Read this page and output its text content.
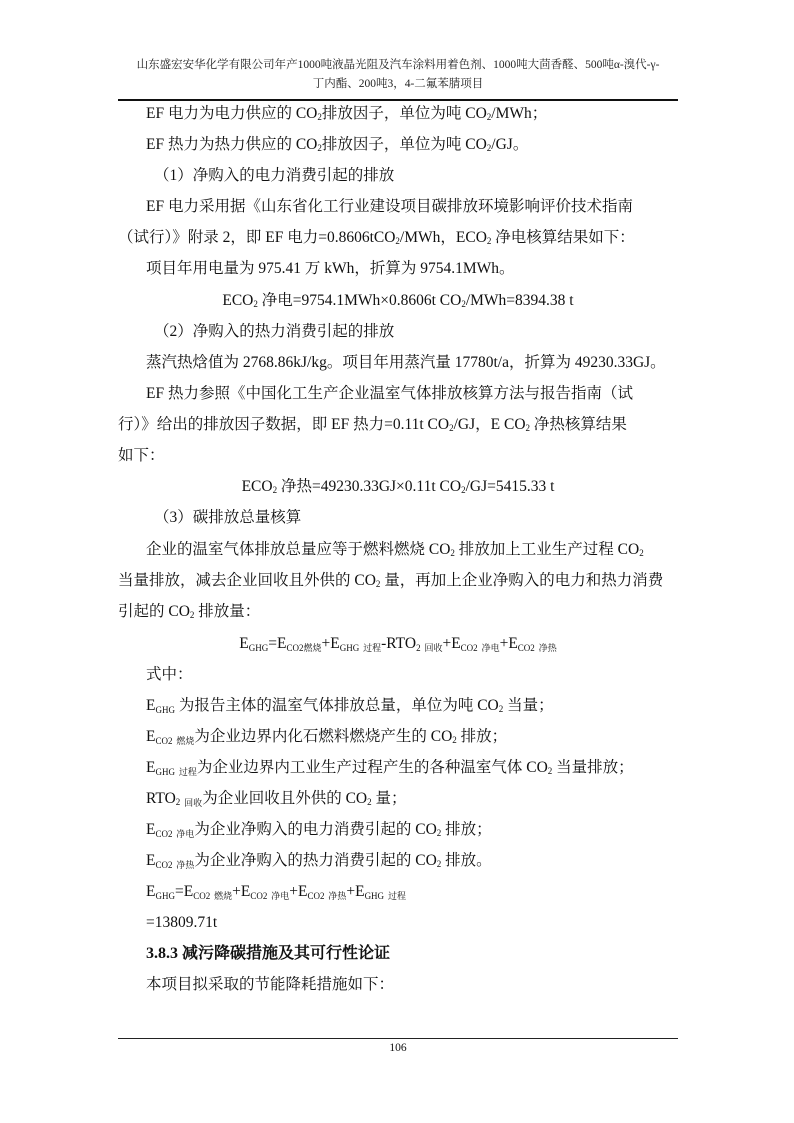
山东盛宏安华化学有限公司年产1000吨液晶光阻及汽车涂料用着色剂、1000吨大茴香醛、500吨α-溴代-γ-
丁内酯、200吨3，4-二氟苯腈项目
EF 电力为电力供应的 $CO_2$排放因子，单位为吨 $CO_2$/MWh；
EF 热力为热力供应的 $CO_2$排放因子，单位为吨 $CO_2/GJ$。
（1）净购入的电力消费引起的排放
EF 电力采用据《山东省化工行业建设项目碳排放环境影响评价技术指南
（试行）》附录 2，即 EF 电力=0.8606tCO$_2$/MWh，$ECO_2$ 净电核算结果如下：
项目年用电量为 975.41 万 kWh，折算为 9754.1MWh。
$ECO_2$ 净电=9754.1MWh×0.8606t $CO_2/MWh=8394.38$ t
（2）净购入的热力消费引起的排放
蒸汽热焓值为 2768.86kJ/kg。项目年用蒸汽量 17780t/a，折算为 49230.33GJ。
EF 热力参照《中国化工生产企业温室气体排放核算方法与报告指南（试
行）》给出的排放因子数据，即 EF 热力=0.11t $CO_2/GJ$，E $CO_2$ 净热核算结果
如下：
$ECO_2$ 净热=49230.33GJ×0.11t $CO_2/GJ=5415.33$ t
（3）碳排放总量核算
企业的温室气体排放总量应等于燃料燃烧 $CO_2$ 排放加上工业生产过程 $CO_2$
当量排放，减去企业回收且外供的 $CO_2$ 量，再加上企业净购入的电力和热力消费
引起的 $CO_2$ 排放量：
EGHG=ECO2燃烧+EGHG 过程-RTO2 回收+ECO2 净电+ECO2 净热
式中：
EGHG 为报告主体的温室气体排放总量，单位为吨 $CO_2$ 当量；
ECO2 燃烧为企业边界内化石燃料燃烧产生的 $CO_2$ 排放；
EGHG 过程为企业边界内工业生产过程产生的各种温室气体 $CO_2$ 当量排放；
$RTO_2$ 回收为企业回收且外供的 $CO_2$ 量；
ECO2 净电为企业净购入的电力消费引起的 $CO_2$ 排放；
ECO2 净热为企业净购入的热力消费引起的 $CO_2$ 排放。
EGHG=ECO2 燃烧+ECO2 净电+ECO2 净热+EGHG 过程
=13809.71t
3.8.3 减污降碳措施及其可行性论证
本项目拟采取的节能降耗措施如下：
106
